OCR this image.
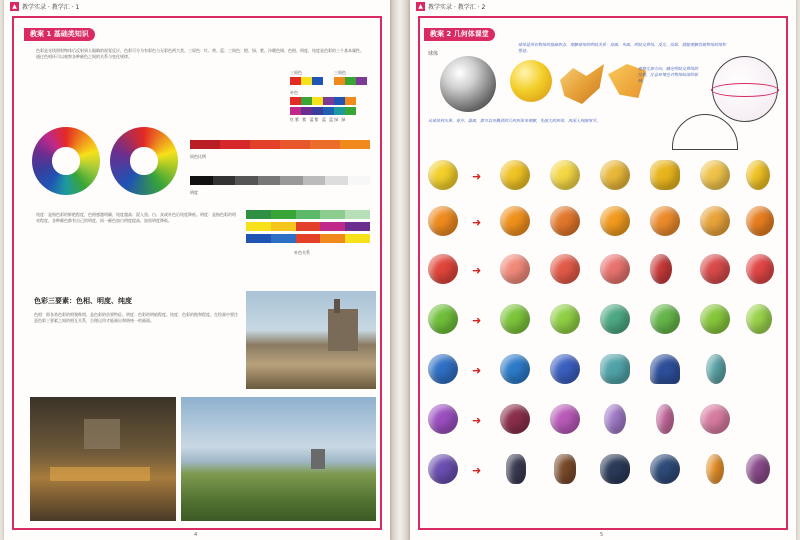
▲ 教学实录 · 教学汇 · 1
教案 1 基础类知识
色彩是光线照射物体后反射到人眼睛的视觉反应，色彩可分为有彩色与无彩色两大类。三原色：红、黄、蓝；三间色：橙、绿、紫。冷暖色调、色相、明度、纯度是色彩的三个基本属性。通过色相环可以观察各种颜色之间的关系与变化规律。
三原色	三间色
补色
红紫 紫 蓝紫 蓝 蓝绿 绿
同色比例
明度
补色关系
纯度：是指色彩的鲜艳程度，色相感越明确，纯度越高；混入黑、白、灰或补色后纯度降低。明度：是指色彩的明亮程度，各种颜色都有自己的明度，同一颜色加白明度提高，加黑明度降低。
色彩三要素：色相、明度、纯度
色相：即各类色彩的相貌称谓，是色彩的首要特征。明度：色彩的明暗程度。纯度：色彩的饱和程度。在绘画中要注意色彩三要素之间的相互关系，合理运用才能画出和谐统一的画面。
4
▲ 教学实录 · 教学汇 · 2
教案 2 几何体课堂
球体
球体是所有物体的基础形态，理解球体的明暗关系：亮面、灰面、明暗交界线、反光、投影，就能理解其他物体的体积塑造。
观察光源方向，确定明暗交界线的位置，注意环境色对物体暗部的影响。
从球体到水果、花卉、器皿，都可以用概括的几何形体来理解，先画大的形体，再深入刻画细节。
➜
➜
➜
➜
➜
➜
➜
5
